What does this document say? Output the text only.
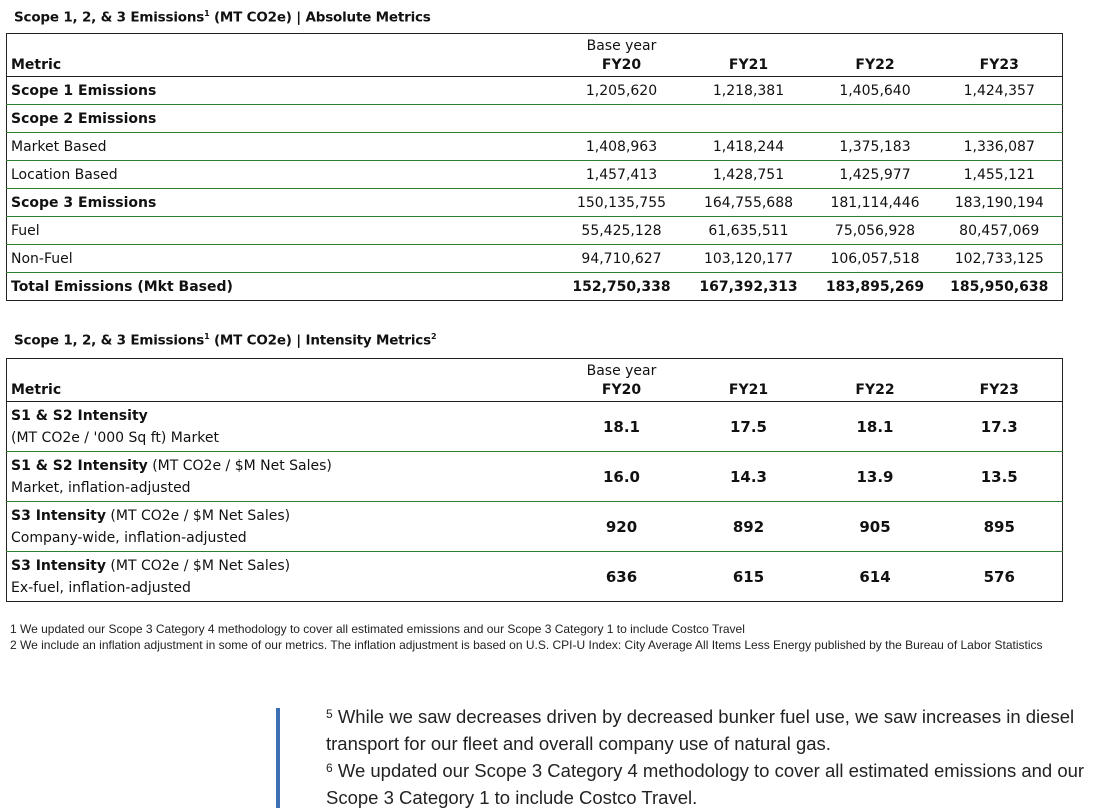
Scope 1, 2, & 3 Emissions$^1$ (MT CO2e) | Absolute Metrics
	Base year			
Metric	FY20	FY21	FY22	FY23
Scope 1 Emissions	1,205,620	1,218,381	1,405,640	1,424,357
Scope 2 Emissions				
Market Based	1,408,963	1,418,244	1,375,183	1,336,087
Location Based	1,457,413	1,428,751	1,425,977	1,455,121
Scope 3 Emissions	150,135,755	164,755,688	181,114,446	183,190,194
Fuel	55,425,128	61,635,511	75,056,928	80,457,069
Non-Fuel	94,710,627	103,120,177	106,057,518	102,733,125
Total Emissions (Mkt Based)	152,750,338	167,392,313	183,895,269	185,950,638
Scope 1, 2, & 3 Emissions$^1$ (MT CO2e) | Intensity Metrics$^2$
	Base year			
Metric	FY20	FY21	FY22	FY23

S1 & S2 Intensity
(MT CO2e / '000 Sq ft) Market	18.1	17.5	18.1	17.3

S1 & S2 Intensity (MT CO2e / $M Net Sales)
Market, inflation-adjusted	16.0	14.3	13.9	13.5

S3 Intensity (MT CO2e / $M Net Sales)
Company-wide, inflation-adjusted	920	892	905	895

S3 Intensity (MT CO2e / $M Net Sales)
Ex-fuel, inflation-adjusted	636	615	614	576
1 We updated our Scope 3 Category 4 methodology to cover all estimated emissions and our Scope 3 Category 1 to include Costco Travel
2 We include an inflation adjustment in some of our metrics. The inflation adjustment is based on U.S. CPI-U Index: City Average All Items Less Energy published by the Bureau of Labor Statistics
$^5$ While we saw decreases driven by decreased bunker fuel use, we saw increases in diesel transport for our fleet and overall company use of natural gas.
$^6$ We updated our Scope 3 Category 4 methodology to cover all estimated emissions and our Scope 3 Category 1 to include Costco Travel.
